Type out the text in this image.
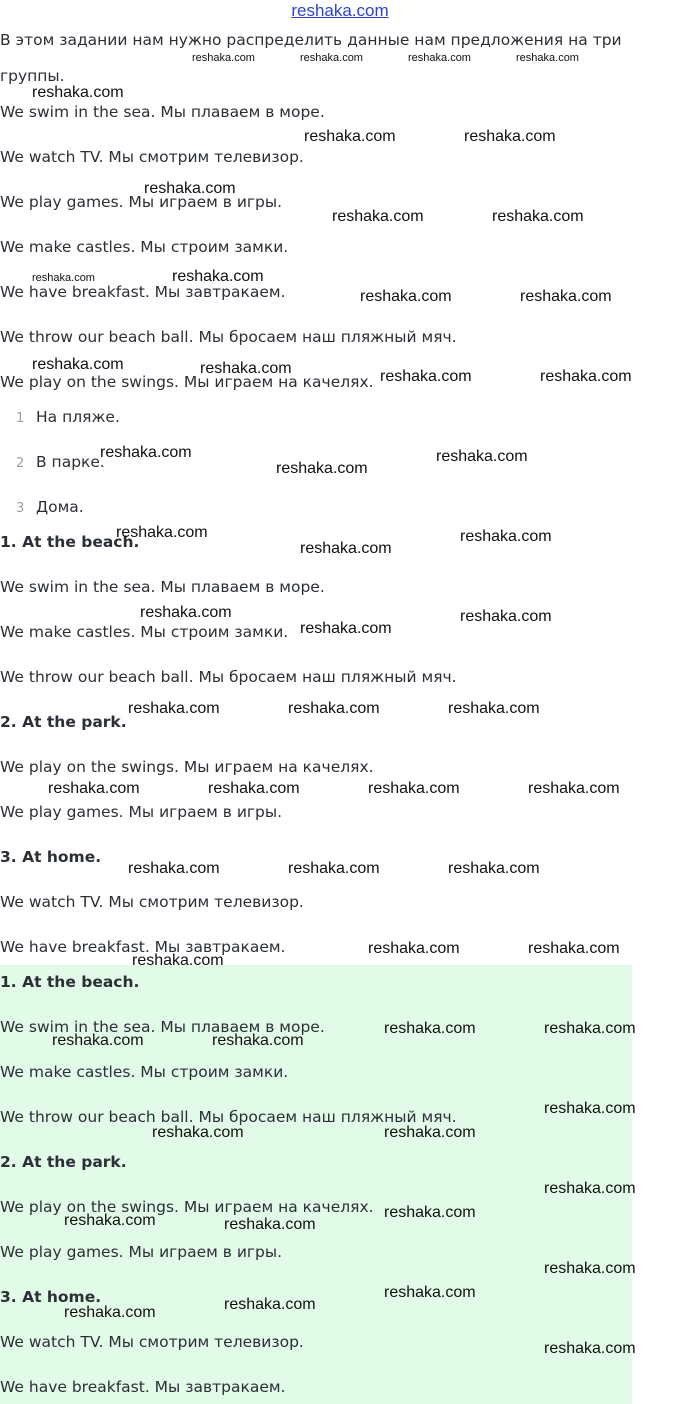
reshaka.com
В этом задании нам нужно распределить данные нам предложения на три группы.
We swim in the sea. Мы плаваем в море.
We watch TV. Мы смотрим телевизор.
We play games. Мы играем в игры.
We make castles. Мы строим замки.
We have breakfast. Мы завтракаем.
We throw our beach ball. Мы бросаем наш пляжный мяч.
We play on the swings. Мы играем на качелях.
1 На пляже.
2 В парке.
3 Дома.
1. At the beach.
We swim in the sea. Мы плаваем в море.
We make castles. Мы строим замки.
We throw our beach ball. Мы бросаем наш пляжный мяч.
2. At the park.
We play on the swings. Мы играем на качелях.
We play games. Мы играем в игры.
3. At home.
We watch TV. Мы смотрим телевизор.
We have breakfast. Мы завтракаем.
1. At the beach.
We swim in the sea. Мы плаваем в море.
We make castles. Мы строим замки.
We throw our beach ball. Мы бросаем наш пляжный мяч.
2. At the park.
We play on the swings. Мы играем на качелях.
We play games. Мы играем в игры.
3. At home.
We watch TV. Мы смотрим телевизор.
We have breakfast. Мы завтракаем.
reshaka.com	reshaka.com	reshaka.com	reshaka.com
reshaka.com
reshaka.com	reshaka.com
reshaka.com
reshaka.com	reshaka.com
reshaka.com	reshaka.com
reshaka.com	reshaka.com
reshaka.com	reshaka.com	reshaka.com	reshaka.com
reshaka.com
reshaka.com
reshaka.com
reshaka.com
reshaka.com
reshaka.com
reshaka.com
reshaka.com
reshaka.com
reshaka.com	reshaka.com	reshaka.com
reshaka.com	reshaka.com	reshaka.com	reshaka.com
reshaka.com	reshaka.com	reshaka.com
reshaka.com	reshaka.com
reshaka.com
reshaka.com	reshaka.com
reshaka.com	reshaka.com
reshaka.com
reshaka.com	reshaka.com
reshaka.com
reshaka.com
reshaka.com	reshaka.com
reshaka.com
reshaka.com
reshaka.com
reshaka.com
reshaka.com
